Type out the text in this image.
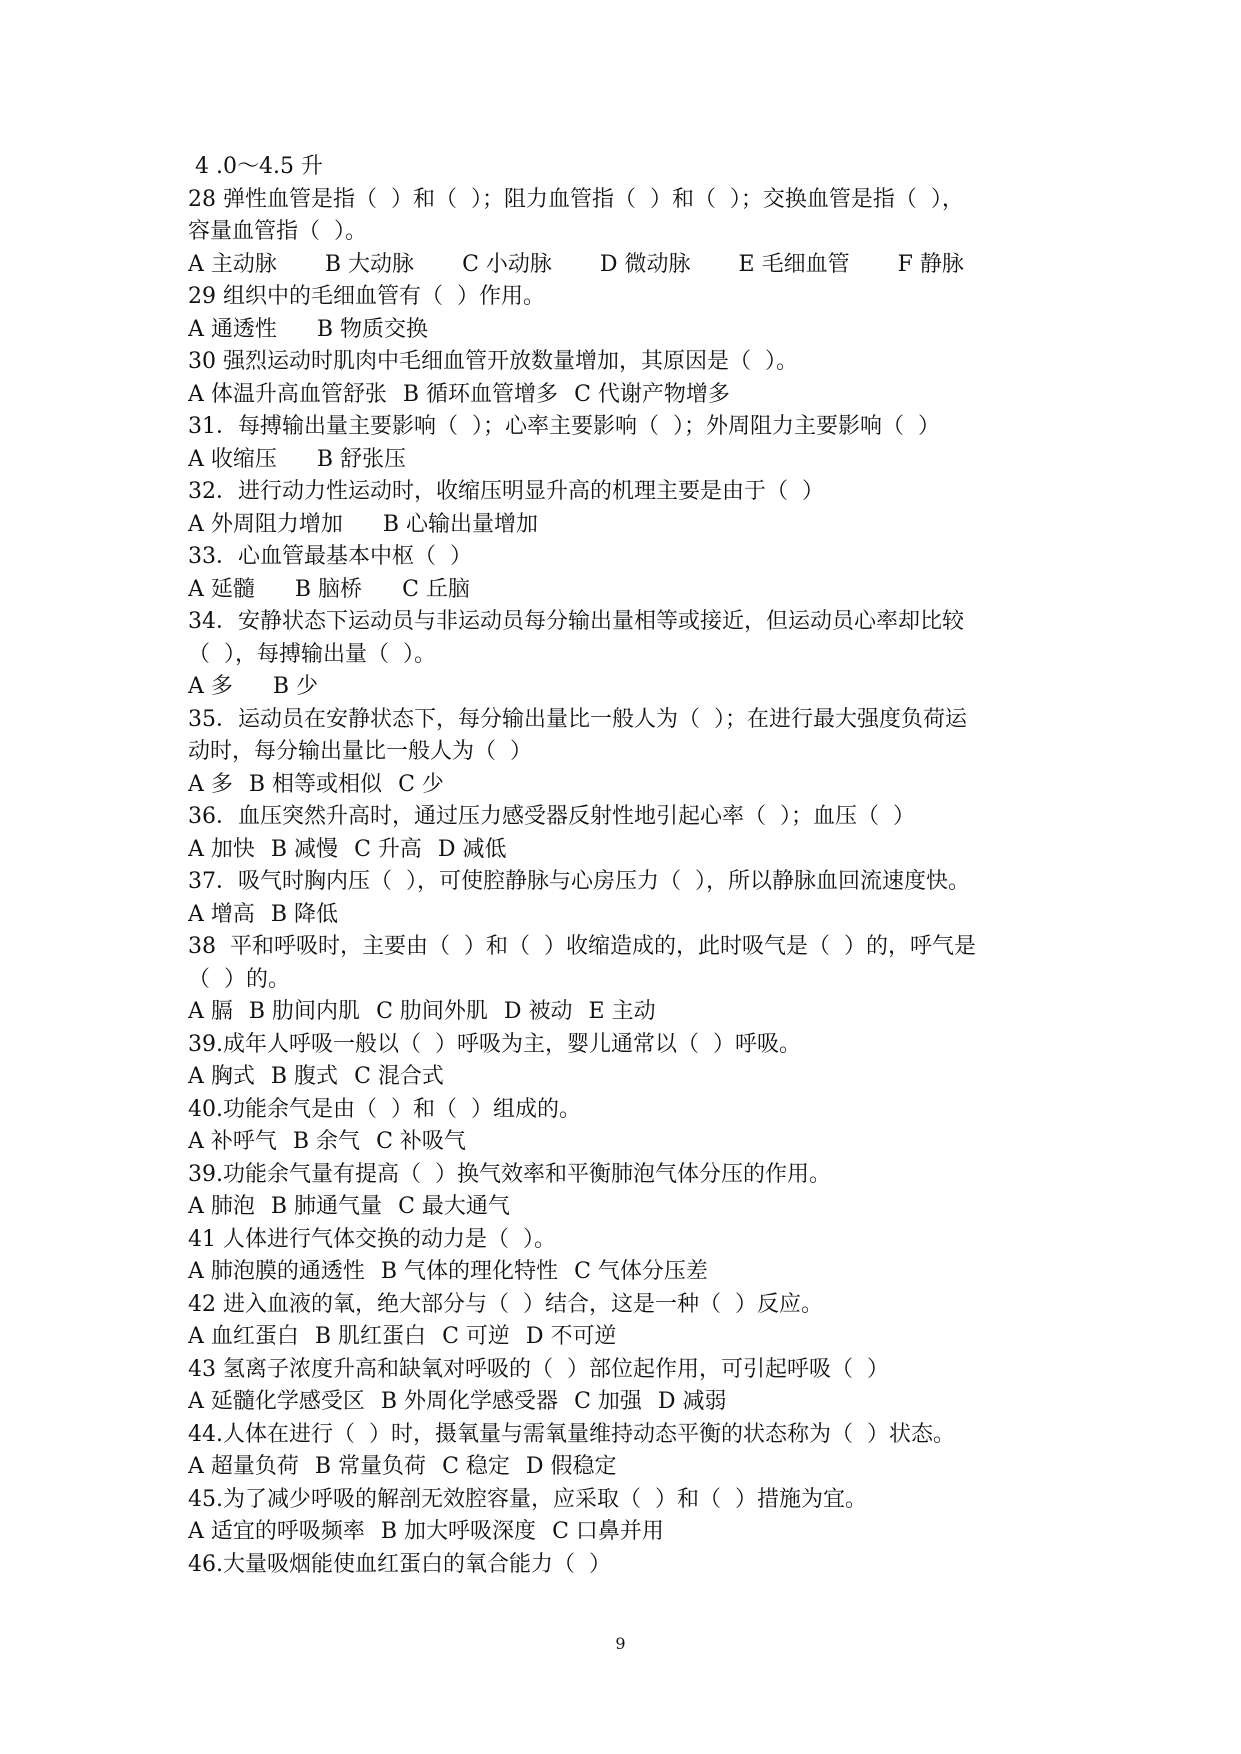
4 .0～4.5 升
28 弹性血管是指（  ）和（  ）；阻力血管指（  ）和（  ）；交换血管是指（  ），
容量血管指（  ）。
A 主动脉 B 大动脉 C 小动脉 D 微动脉 E 毛细血管 F 静脉
29 组织中的毛细血管有（  ）作用。
A 通透性 B 物质交换
30 强烈运动时肌肉中毛细血管开放数量增加，其原因是（  ）。
A 体温升高血管舒张 B 循环血管增多 C 代谢产物增多
31．每搏输出量主要影响（  ）；心率主要影响（  ）；外周阻力主要影响（  ）
A 收缩压 B 舒张压
32．进行动力性运动时，收缩压明显升高的机理主要是由于（  ）
A 外周阻力增加 B 心输出量增加
33．心血管最基本中枢（  ）
A 延髓 B 脑桥 C 丘脑
34．安静状态下运动员与非运动员每分输出量相等或接近，但运动员心率却比较
（  ），每搏输出量（  ）。
A 多 B 少
35．运动员在安静状态下，每分输出量比一般人为（  ）；在进行最大强度负荷运
动时，每分输出量比一般人为（  ）
A 多 B 相等或相似 C 少
36．血压突然升高时，通过压力感受器反射性地引起心率（  ）；血压（  ）
A 加快 B 减慢 C 升高 D 减低
37．吸气时胸内压（  ），可使腔静脉与心房压力（  ），所以静脉血回流速度快。
A 增高 B 降低
38  平和呼吸时，主要由（  ）和（  ）收缩造成的，此时吸气是（  ）的，呼气是
（  ）的。
A 膈 B 肋间内肌 C 肋间外肌 D 被动 E 主动
39.成年人呼吸一般以（  ）呼吸为主，婴儿通常以（  ）呼吸。
A 胸式 B 腹式 C 混合式
40.功能余气是由（  ）和（  ）组成的。
A 补呼气 B 余气 C 补吸气
39.功能余气量有提高（  ）换气效率和平衡肺泡气体分压的作用。
A 肺泡 B 肺通气量 C 最大通气
41 人体进行气体交换的动力是（  ）。
A 肺泡膜的通透性 B 气体的理化特性 C 气体分压差
42 进入血液的氧，绝大部分与（  ）结合，这是一种（  ）反应。
A 血红蛋白 B 肌红蛋白 C 可逆 D 不可逆
43 氢离子浓度升高和缺氧对呼吸的（  ）部位起作用，可引起呼吸（  ）
A 延髓化学感受区 B 外周化学感受器 C 加强 D 减弱
44.人体在进行（  ）时，摄氧量与需氧量维持动态平衡的状态称为（  ）状态。
A 超量负荷 B 常量负荷 C 稳定 D 假稳定
45.为了减少呼吸的解剖无效腔容量，应采取（  ）和（  ）措施为宜。
A 适宜的呼吸频率 B 加大呼吸深度 C 口鼻并用
46.大量吸烟能使血红蛋白的氧合能力（  ）
9
